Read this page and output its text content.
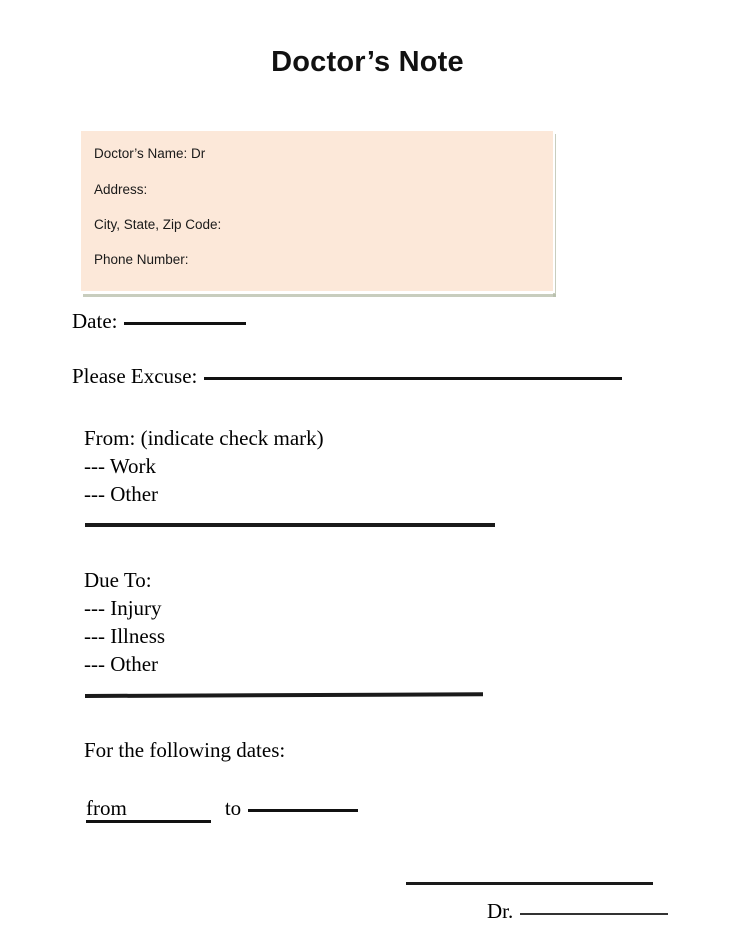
Doctor’s Note
Doctor’s Name: Dr
Address:
City, State, Zip Code:
Phone Number:
Date:
Please Excuse:
From: (indicate check mark)
--- Work
--- Other
Due To:
--- Injury
--- Illness
--- Other
For the following dates:
from	to
Dr.
